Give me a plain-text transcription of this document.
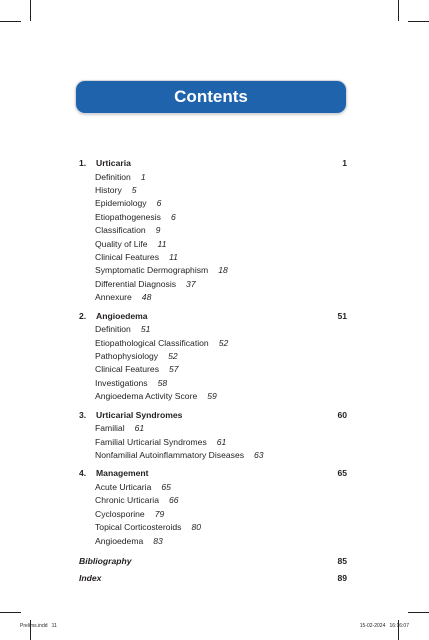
Contents
1. Urticaria	1
Definition 1
History 5
Epidemiology 6
Etiopathogenesis 6
Classification 9
Quality of Life 11
Clinical Features 11
Symptomatic Dermographism 18
Differential Diagnosis 37
Annexure 48
2. Angioedema	51
Definition 51
Etiopathological Classification 52
Pathophysiology 52
Clinical Features 57
Investigations 58
Angioedema Activity Score 59
3. Urticarial Syndromes	60
Familial 61
Familial Urticarial Syndromes 61
Nonfamilial Autoinflammatory Diseases 63
4. Management	65
Acute Urticaria 65
Chronic Urticaria 66
Cyclosporine 79
Topical Corticosteroids 80
Angioedema 83
Bibliography	85
Index	89
Prelims.indd   11	15-02-2024   16:16:07
